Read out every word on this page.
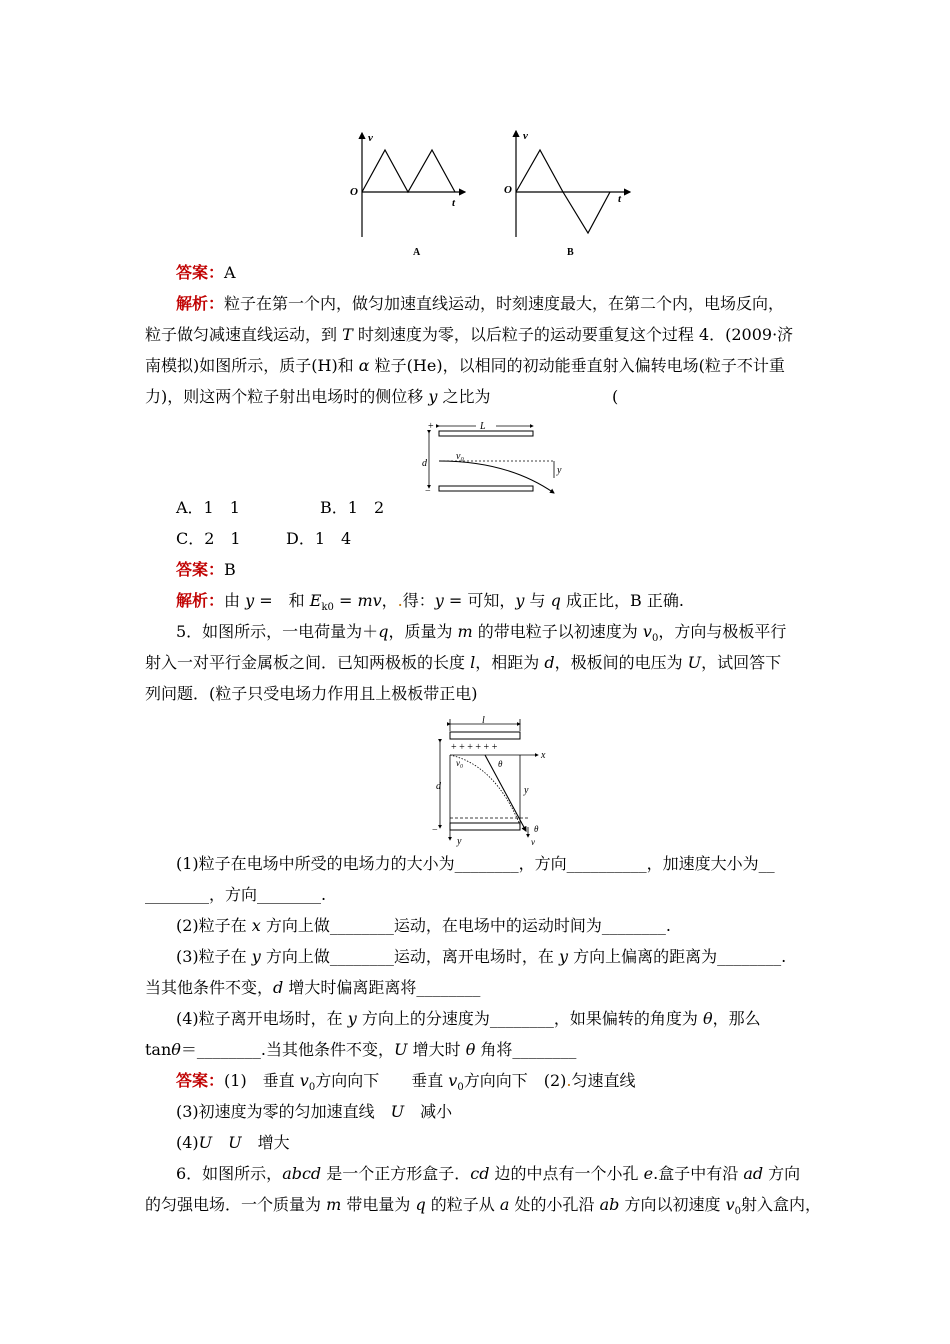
v
O
t
A
v
O
t
B
答案：A
解析：粒子在第一个内，做匀加速直线运动，时刻速度最大，在第二个内，电场反向，
粒子做匀减速直线运动，到 T 时刻速度为零，以后粒子的运动要重复这个过程 4．(2009·济
南模拟)如图所示，质子(H)和 α 粒子(He)，以相同的初动能垂直射入偏转电场(粒子不计重
力)，则这两个粒子射出电场时的侧位移 y 之比为	(
+	L
d
v₀
y
−
A．1　1	B．1　2
C．2　1	D．1　4
答案：B
解析：由 y =　和 $E_{k0}$ = mv，.得：y = 可知，y 与 q 成正比，B 正确.
5．如图所示，一电荷量为＋q，质量为 m 的带电粒子以初速度为 $v_0$，方向与极板平行
射入一对平行金属板之间．已知两极板的长度 l，相距为 d，极板间的电压为 U，试回答下
列问题．(粒子只受电场力作用且上极板带正电)
l
+ + + + + +
d
x
y
v₀	θ
y
−	θ
v
(1)粒子在电场中所受的电场力的大小为________，方向__________，加速度大小为__
________，方向________.
(2)粒子在 x 方向上做________运动，在电场中的运动时间为________.
(3)粒子在 y 方向上做________运动，离开电场时，在 y 方向上偏离的距离为________.
当其他条件不变，d 增大时偏离距离将________
(4)粒子离开电场时，在 y 方向上的分速度为________，如果偏转的角度为 θ，那么
tanθ＝________.当其他条件不变，U 增大时 θ 角将________
答案：(1)　垂直 $v_0$方向向下　　垂直 $v_0$方向向下　(2).匀速直线
(3)初速度为零的匀加速直线　U　减小
(4)U　 U　增大
6．如图所示，abcd 是一个正方形盒子．cd 边的中点有一个小孔 e.盒子中有沿 ad 方向
的匀强电场．一个质量为 m 带电量为 q 的粒子从 a 处的小孔沿 ab 方向以初速度 $v_0$射入盒内，
